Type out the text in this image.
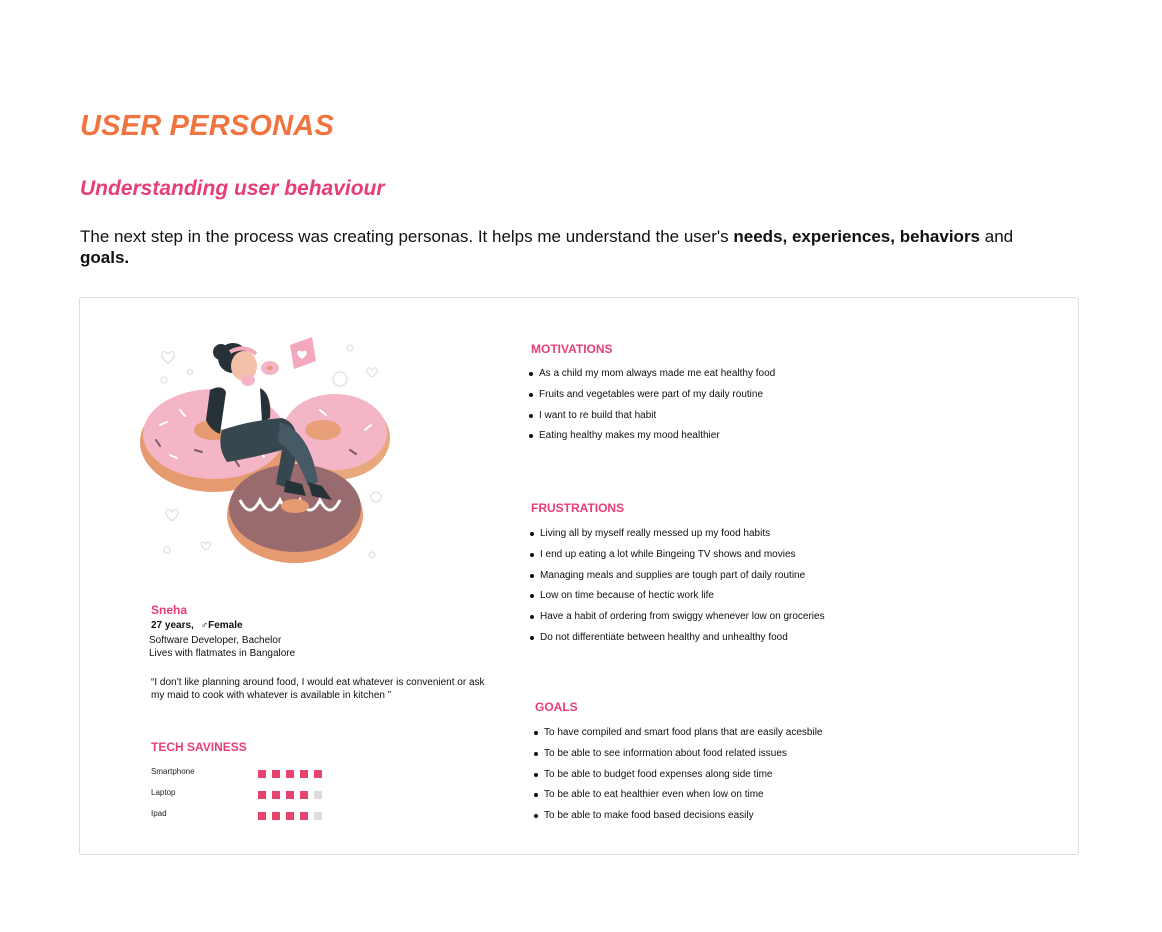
USER PERSONAS
Understanding user behaviour

The next step in the process was creating personas. It helps me understand the user's needs, experiences, behaviors and goals.

Sneha
27 years, ♂Female
Software Developer, Bachelor
Lives with flatmates in Bangalore
“I don’t like planning around food, I would eat whatever is convenient or ask my maid to cook with whatever is available in kitchen ”
TECH SAVINESS
Smartphone
Laptop
Ipad
MOTIVATIONS
As a child my mom always made me eat healthy food
Fruits and vegetables were part of my daily routine
I want to re build that habit
Eating healthy makes my mood healthier
FRUSTRATIONS
Living all by myself really messed up my food habits
I end up eating a lot while Bingeing TV shows and movies
Managing meals and supplies are tough part of daily routine
Low on time because of hectic work life
Have a habit of ordering from swiggy whenever low on groceries
Do not differentiate between healthy and unhealthy food
GOALS
To have compiled and smart food plans that are easily acesbile
To be able to see information about food related issues
To be able to budget food expenses along side time
To be able to eat healthier even when low on time
To be able to make food based decisions easily
